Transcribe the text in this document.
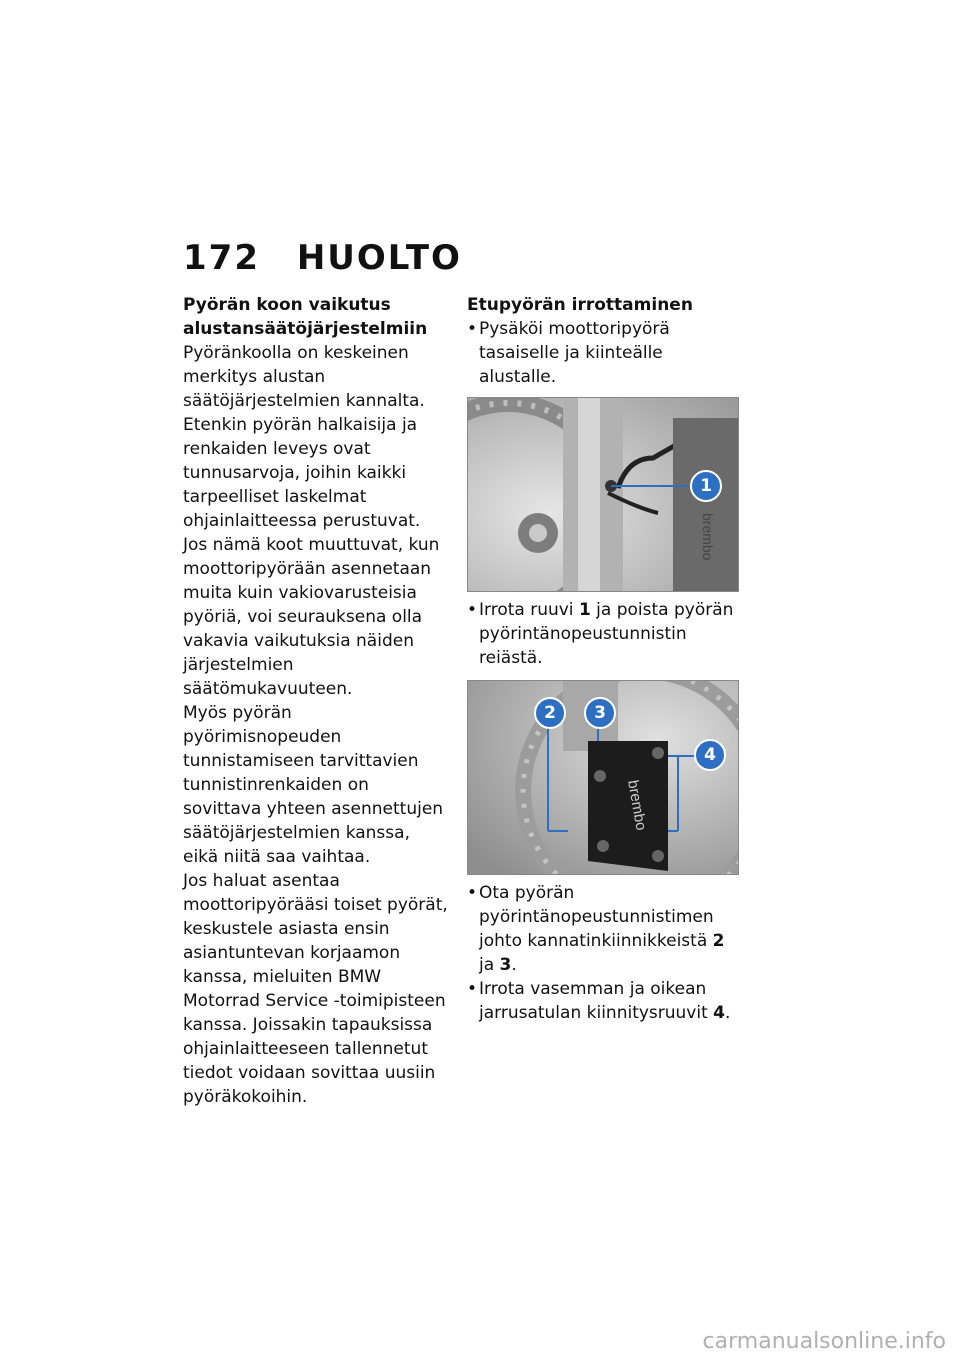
172 HUOLTO

Pyörän koon vaikutus alustansäätöjärjestelmiin

Pyöränkoolla on keskeinen merkitys alustan säätöjärjestelmien kannalta. Etenkin pyörän halkaisija ja renkaiden leveys ovat tunnusarvoja, joihin kaikki tarpeelliset laskelmat ohjainlaitteessa perustuvat. Jos nämä koot muuttuvat, kun moottoripyörään asennetaan muita kuin vakiovarusteisia pyöriä, voi seurauksena olla vakavia vaikutuksia näiden järjestelmien säätömukavuuteen.

Myös pyörän pyörimisnopeuden tunnistamiseen tarvittavien tunnistinrenkaiden on sovittava yhteen asennettujen säätöjärjestelmien kanssa, eikä niitä saa vaihtaa.

Jos haluat asentaa moottoripyörääsi toiset pyörät, keskustele asiasta ensin asiantuntevan korjaamon kanssa, mieluiten BMW Motorrad Service -toimipisteen kanssa. Joissakin tapauksissa ohjainlaitteeseen tallennetut tiedot voidaan sovittaa uusiin pyöräkokoihin.

Etupyörän irrottaminen

• Pysäköi moottoripyörä tasaiselle ja kiinteälle alustalle.

brembo
1

• Irrota ruuvi 1 ja poista pyörän pyörintänopeustunnistin reiästä.

brembo
2	3
4

• Ota pyörän pyörintänopeustunnistimen johto kannatinkiinnikkeistä 2 ja 3.

• Irrota vasemman ja oikean jarrusatulan kiinnitysruuvit 4.

carmanualsonline.info
